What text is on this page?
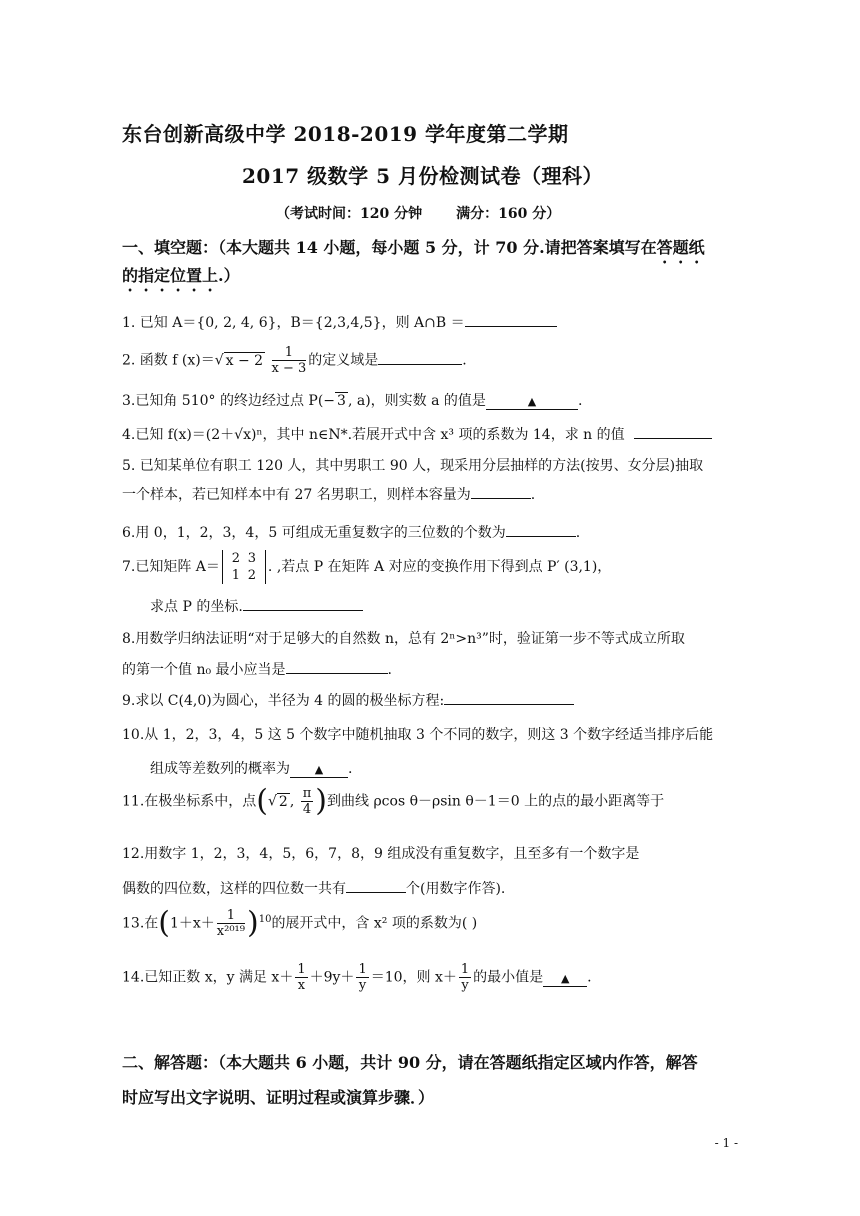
东台创新高级中学 2018-2019 学年度第二学期
2017 级数学 5 月份检测试卷（理科）
（考试时间：120 分钟 满分：160 分）
一、填空题：（本大题共 14 小题，每小题 5 分，计 70 分.请把答案填写在答题纸
的指定位置上.）
1. 已知 A＝{0, 2, 4, 6}，B＝{2,3,4,5}，则 A∩B ＝
2. 函数 f (x)＝√ $x - 2 \frac{1}{x - 3}$ 的定义域是	.
3.已知角 510° 的终边经过点 P(− 3 , a)，则实数 a 的值是	▲	.
4.已知 f(x)＝(2＋√x)ⁿ，其中 n∈N*.若展开式中含 x³ 项的系数为 14，求 n 的值
5. 已知某单位有职工 120 人，其中男职工 90 人，现采用分层抽样的方法(按男、女分层)抽取
一个样本，若已知样本中有 27 名男职工，则样本容量为	.
6.用 0，1，2，3，4，5 可组成无重复数字的三位数的个数为	.
7.已知矩阵 A＝2 3
1 2. ,若点 P 在矩阵 A 对应的变换作用下得到点 P′ (3,1)，
求点 P 的坐标.
8.用数学归纳法证明“对于足够大的自然数 n，总有 2ⁿ>n³”时，验证第一步不等式成立所取
的第一个值 n₀ 最小应当是	.
9.求以 C(4,0)为圆心，半径为 4 的圆的极坐标方程:
10.从 1，2，3，4，5 这 5 个数字中随机抽取 3 个不同的数字，则这 3 个数字经适当排序后能
组成等差数列的概率为 ▲ .
11.在极坐标系中，点(√ 2 , $\frac{\pi}{4}$ )到曲线 ρcos θ－ρsin θ－1＝0 上的点的最小距离等于
12.用数字 1，2，3，4，5，6，7，8，9 组成没有重复数字，且至多有一个数字是
偶数的四位数，这样的四位数一共有	个(用数字作答).
13.在$(1+x+ \frac{1}{\text{x²⁰¹⁹}} )^{10}$的展开式中，含 x² 项的系数为( )
14.已知正数 x，y 满足 $x+ \frac{1}{x} +9y+ \frac{1}{y} =10$，则 $x+ \frac{1}{y}$ 的最小值是 ▲ .
二、解答题：（本大题共 6 小题，共计 90 分，请在答题纸指定区域内作答，解答
时应写出文字说明、证明过程或演算步骤．）
- 1 -
